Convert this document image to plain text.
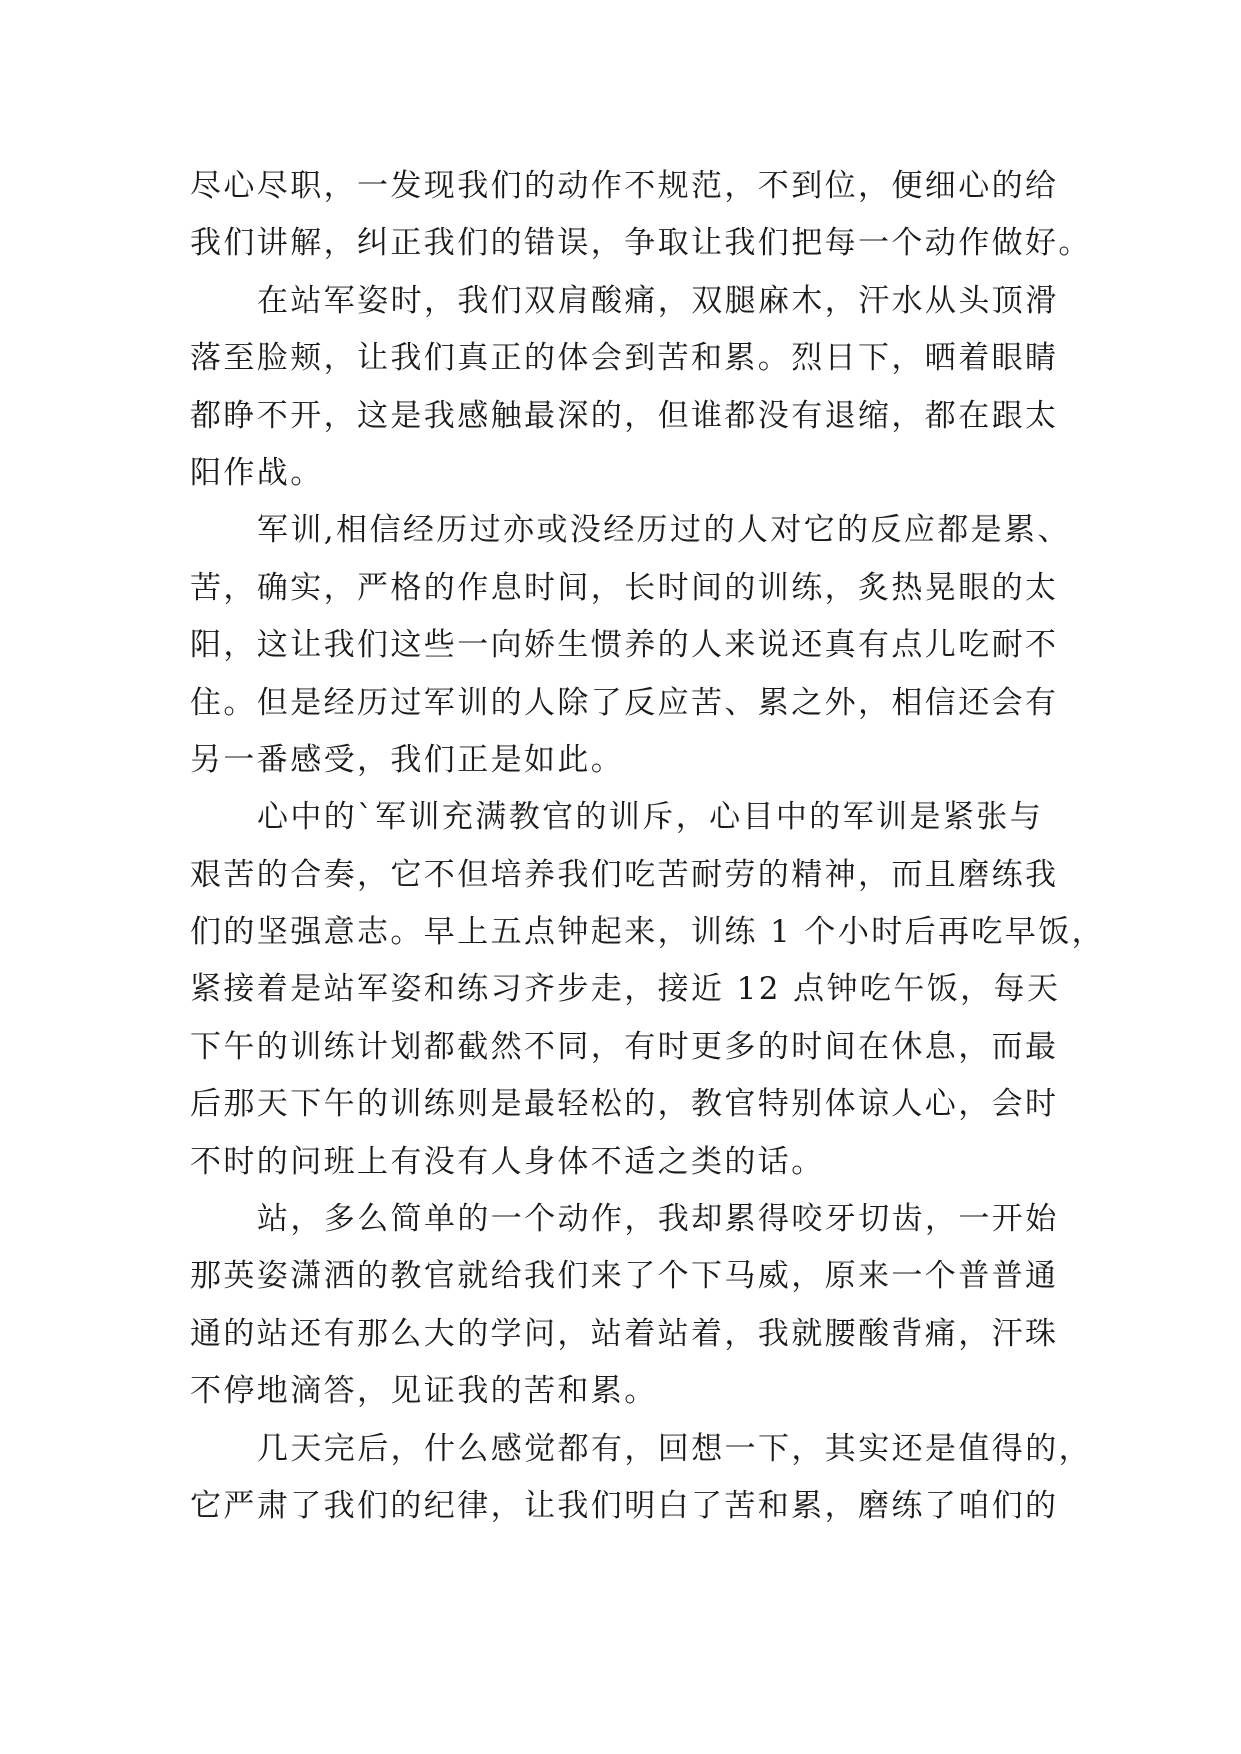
尽心尽职，一发现我们的动作不规范，不到位，便细心的给
我们讲解，纠正我们的错误，争取让我们把每一个动作做好。
在站军姿时，我们双肩酸痛，双腿麻木，汗水从头顶滑
落至脸颊，让我们真正的体会到苦和累。烈日下，晒着眼睛
都睁不开，这是我感触最深的，但谁都没有退缩，都在跟太
阳作战。
军训,相信经历过亦或没经历过的人对它的反应都是累、
苦，确实，严格的作息时间，长时间的训练，炙热晃眼的太
阳，这让我们这些一向娇生惯养的人来说还真有点儿吃耐不
住。但是经历过军训的人除了反应苦、累之外，相信还会有
另一番感受，我们正是如此。
心中的`军训充满教官的训斥，心目中的军训是紧张与
艰苦的合奏，它不但培养我们吃苦耐劳的精神，而且磨练我
们的坚强意志。早上五点钟起来，训练 1 个小时后再吃早饭，
紧接着是站军姿和练习齐步走，接近 12 点钟吃午饭，每天
下午的训练计划都截然不同，有时更多的时间在休息，而最
后那天下午的训练则是最轻松的，教官特别体谅人心，会时
不时的问班上有没有人身体不适之类的话。
站，多么简单的一个动作，我却累得咬牙切齿，一开始
那英姿潇洒的教官就给我们来了个下马威，原来一个普普通
通的站还有那么大的学问，站着站着，我就腰酸背痛，汗珠
不停地滴答，见证我的苦和累。
几天完后，什么感觉都有，回想一下，其实还是值得的，
它严肃了我们的纪律，让我们明白了苦和累，磨练了咱们的
